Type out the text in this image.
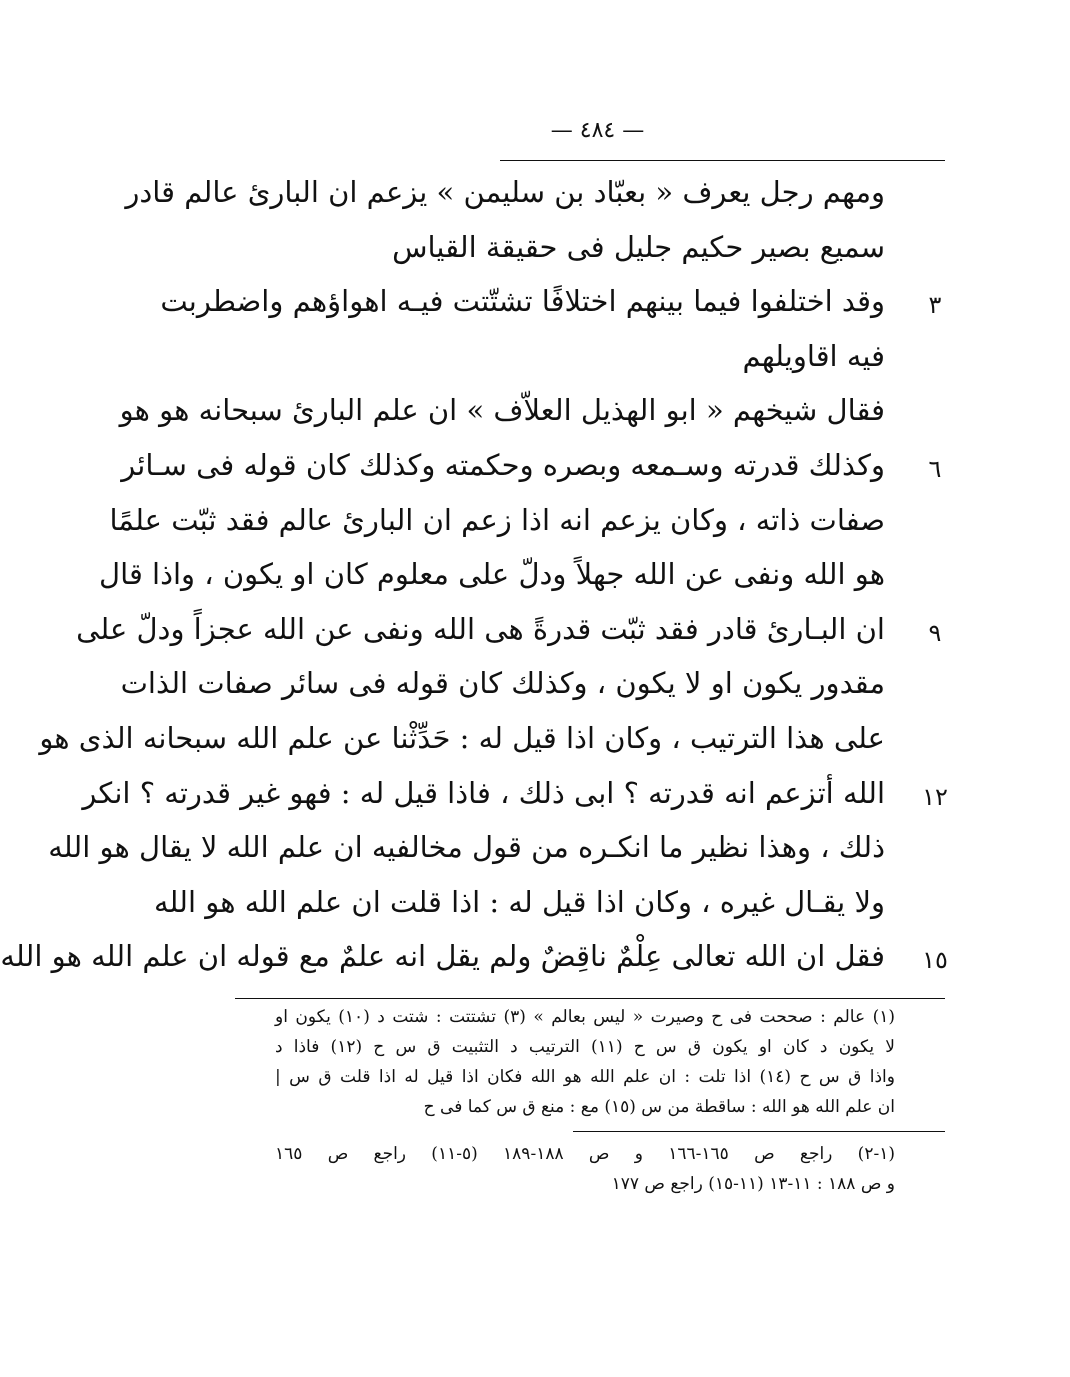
— ٤٨٤ —
ومهم رجل يعرف « بعبّاد بن سليمن » يزعم ان البارئ عالم قادر
سميع بصير حكيم جليل فى حقيقة القياس
وقد اختلفوا فيما بينهم اختلافًا تشتّتت فيـه اهواؤهم واضطربت	٣
فيه اقاويلهم
فقال شيخهم « ابو الهذيل العلاّف » ان علم البارئ سبحانه هو هو
وكذلك قدرته وسـمعه وبصره وحكمته وكذلك كان قوله فى سـائر	٦
صفات ذاته ، وكان يزعم انه اذا زعم ان البارئ عالم فقد ثبّت علمًا
هو الله ونفى عن الله جهلاً ودلّ على معلوم كان او يكون ، واذا قال
ان البـارئ قادر فقد ثبّت قدرةً هى الله ونفى عن الله عجزاً ودلّ على	٩
مقدور يكون او لا يكون ، وكذلك كان قوله فى سائر صفات الذات
على هذا الترتيب ، وكان اذا قيل له : حَدِّثْنا عن علم الله سبحانه الذى هو
الله أتزعم انه قدرته ؟ ابى ذلك ، فاذا قيل له : فهو غير قدرته ؟ انكر	١٢
ذلك ، وهذا نظير ما انكـره من قول مخالفيه ان علم الله لا يقال هو الله
ولا يقـال غيره ، وكان اذا قيل له : اذا قلت ان علم الله هو الله
فقل ان الله تعالى عِلْمٌ ناقِضٌ ولم يقل انه علمٌ مع قوله ان علم الله هو الله	١٥
(١) عالم : صححت فى ح وصيرت « ليس بعالم » (٣) تشتتت : شتت د (١٠) يكون او
لا يكون د كان او يكون ق س ح (١١) الترتيب د التثبيت ق س ح (١٢) فاذا د
واذا ق س ح (١٤) اذا تلت : ان علم الله هو الله فكان اذا قيل له اذا قلت ق س |
ان علم الله هو الله : ساقطة من س (١٥) مع : منع ق س كما فى ح
(١-٢) راجع ص ١٦٥-١٦٦ و ص ١٨٨-١٨٩ (٥-١١) راجع ص ١٦٥
و ص ١٨٨ : ١١-١٣ (١١-١٥) راجع ص ١٧٧
